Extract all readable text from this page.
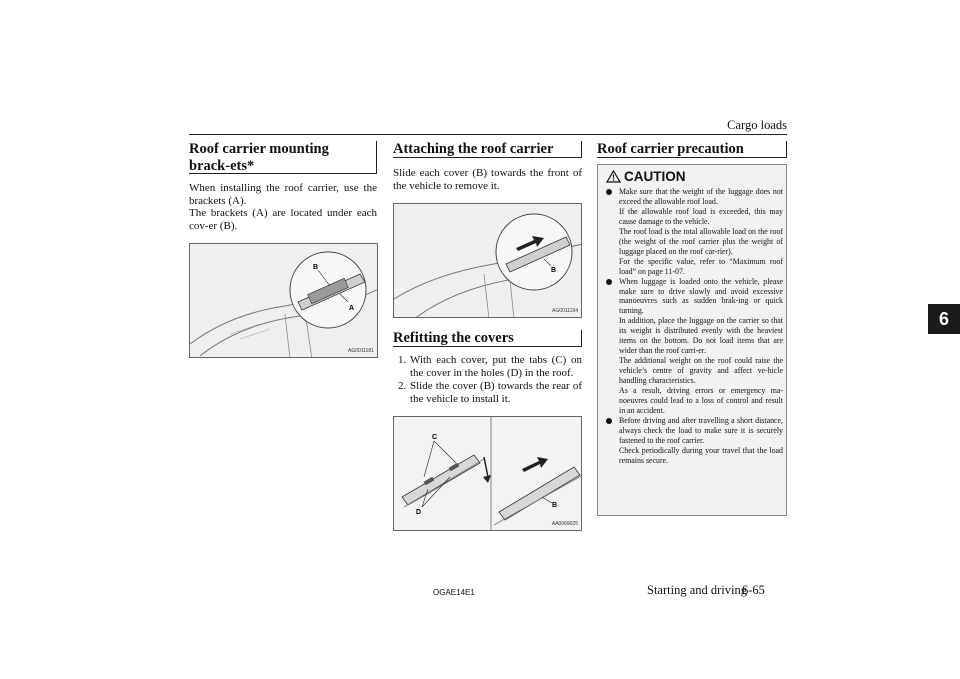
Cargo loads
6
Roof carrier mounting brack-ets*

When installing the roof carrier, use the brackets (A).

The brackets (A) are located under each cov-er (B).

B
A
AG0011181
Attaching the roof carrier

Slide each cover (B) towards the front of the vehicle to remove it.

B
AG0011194
Refitting the covers
1. With each cover, put the tabs (C) on the cover in the holes (D) in the roof.
2. Slide the cover (B) towards the rear of the vehicle to install it.
C
D
B
AA0069025
Roof carrier precaution
CAUTION

Make sure that the weight of the luggage does not exceed the allowable roof load.

If the allowable roof load is exceeded, this may cause damage to the vehicle.

The roof load is the total allowable load on the roof (the weight of the roof carrier plus the weight of luggage placed on the roof car-rier).

For the specific value, refer to “Maximum roof load” on page 11-07.

When luggage is loaded onto the vehicle, please make sure to drive slowly and avoid excessive manoeuvres such as sudden brak-ing or quick turning.

In addition, place the luggage on the carrier so that its weight is distributed evenly with the heaviest items on the bottom. Do not load items that are wider than the roof carri-er.

The additional weight on the roof could raise the vehicle’s centre of gravity and affect ve-hicle handling characteristics.

As a result, driving errors or emergency ma-noeuvres could lead to a loss of control and result in an accident.

Before driving and after travelling a short distance, always check the load to make sure it is securely fastened to the roof carrier.

Check periodically during your travel that the load remains secure.

OGAE14E1	Starting and driving
6-65
